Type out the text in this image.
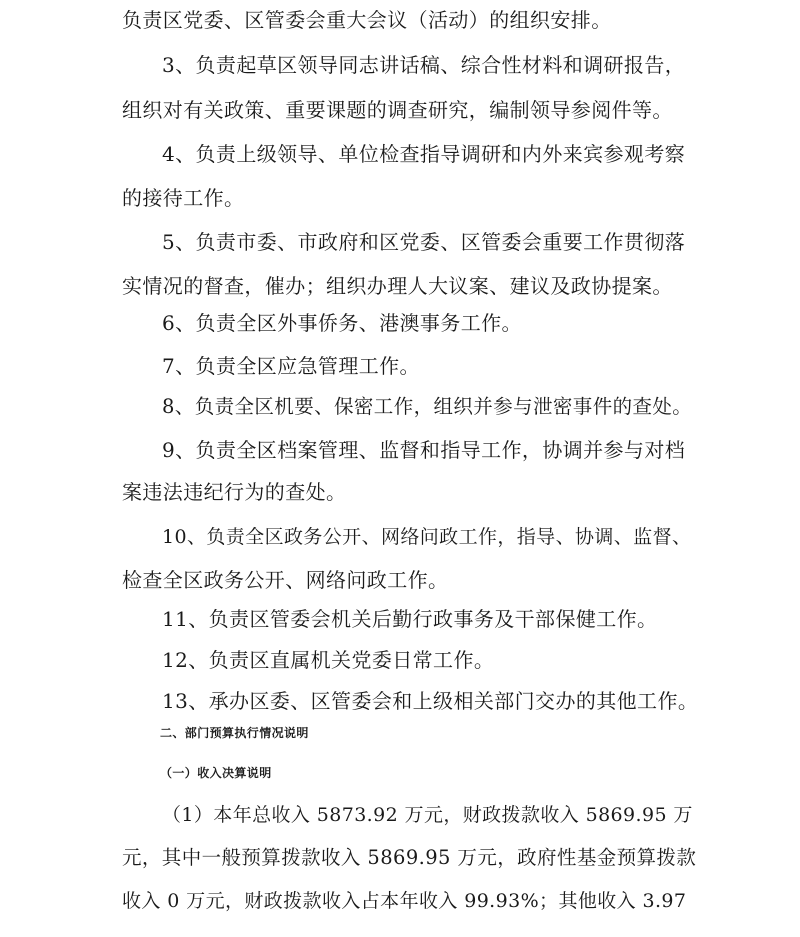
负责区党委、区管委会重大会议（活动）的组织安排。
3、负责起草区领导同志讲话稿、综合性材料和调研报告，
组织对有关政策、重要课题的调查研究，编制领导参阅件等。
4、负责上级领导、单位检查指导调研和内外来宾参观考察
的接待工作。
5、负责市委、市政府和区党委、区管委会重要工作贯彻落
实情况的督查，催办；组织办理人大议案、建议及政协提案。
6、负责全区外事侨务、港澳事务工作。
7、负责全区应急管理工作。
8、负责全区机要、保密工作，组织并参与泄密事件的查处。
9、负责全区档案管理、监督和指导工作，协调并参与对档
案违法违纪行为的查处。
10、负责全区政务公开、网络问政工作，指导、协调、监督、
检查全区政务公开、网络问政工作。
11、负责区管委会机关后勤行政事务及干部保健工作。
12、负责区直属机关党委日常工作。
13、承办区委、区管委会和上级相关部门交办的其他工作。
二、部门预算执行情况说明
（一）收入决算说明
（1）本年总收入 5873.92 万元，财政拨款收入 5869.95 万
元，其中一般预算拨款收入 5869.95 万元，政府性基金预算拨款
收入 0 万元，财政拨款收入占本年收入 99.93%；其他收入 3.97
